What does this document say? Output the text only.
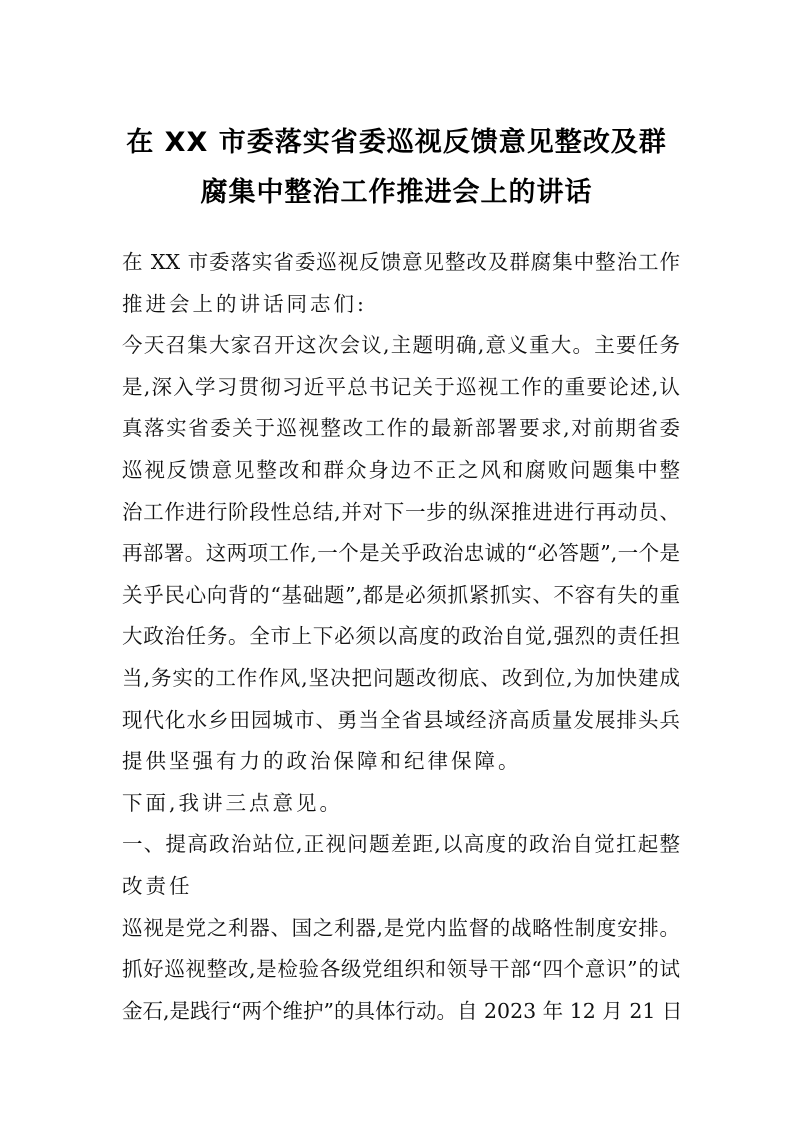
在 XX 市委落实省委巡视反馈意见整改及群
腐集中整治工作推进会上的讲话
在 XX 市委落实省委巡视反馈意见整改及群腐集中整治工作
推进会上的讲话同志们:
今天召集大家召开这次会议,主题明确,意义重大。主要任务
是,深入学习贯彻习近平总书记关于巡视工作的重要论述,认
真落实省委关于巡视整改工作的最新部署要求,对前期省委
巡视反馈意见整改和群众身边不正之风和腐败问题集中整
治工作进行阶段性总结,并对下一步的纵深推进进行再动员、
再部署。这两项工作,一个是关乎政治忠诚的“必答题”,一个是
关乎民心向背的“基础题”,都是必须抓紧抓实、不容有失的重
大政治任务。全市上下必须以高度的政治自觉,强烈的责任担
当,务实的工作作风,坚决把问题改彻底、改到位,为加快建成
现代化水乡田园城市、勇当全省县域经济高质量发展排头兵
提供坚强有力的政治保障和纪律保障。
下面,我讲三点意见。
一、提高政治站位,正视问题差距,以高度的政治自觉扛起整
改责任
巡视是党之利器、国之利器,是党内监督的战略性制度安排。
抓好巡视整改,是检验各级党组织和领导干部“四个意识”的试
金石,是践行“两个维护”的具体行动。自 2023 年 12 月 21 日
